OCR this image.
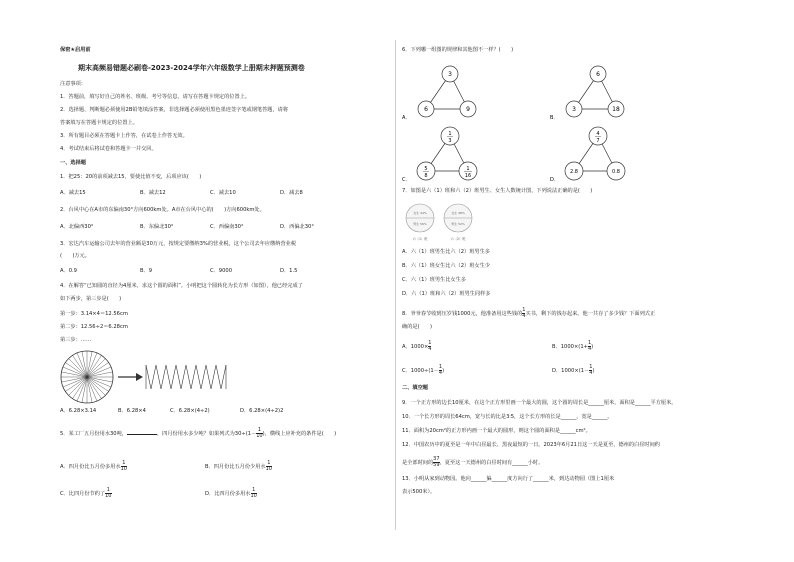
保密★启用前
期末高频易错题必刷卷-2023-2024学年六年级数学上册期末押题预测卷
注意事项：
1．答题前，填写好自己的姓名、班级、考号等信息，请写在答题卡规定的位置上。
2．选择题、判断题必须使用2B铅笔填涂答案，非选择题必须使用黑色墨迹签字笔或钢笔答题，请将
答案填写在答题卡规定的位置上。
3．所有题目必须在答题卡上作答，在试卷上作答无效。
4．考试结束后将试卷和答题卡一并交回。
一、选择题
1．把25：20的前项减去15，要使比值不变，后项应该(　　)
A．减去15	B．减去12	C．减去10	D．减去8
2．台风中心在A市的东偏南30°方向600km处。A市在台风中心的(　　)方向600km处。
A．北偏西30°	B．东偏北30°	C．西偏南30°	D．西偏北30°
3．宏达汽车运输公司去年的营业额是30万元，按规定要缴纳3%的营业税，这个公司去年应缴纳营业税
(　　)万元。
A．0.9	B．9	C．9000	D．1.5
4．在解答“已知圆的直径为4厘米，求这个圆的面积”。小明把这个圆转化为长方形（如图），他已经完成了
如下两步，第三步是(　　)
第一步：3.14×4＝12.56cm
第二步：12.56÷2＝6.28cm
第三步：……
A．6.28×3.14	B．6.28×4	C．6.28×(4÷2)	D．6.28×(4÷2)2
5．某工厂五月份用水30吨，	，四月份用水多少吨？如果列式为$30\div(1- \frac{1}{10}$ )，横线上应补充的条件是(　　)
A．四月份比五月份多用水 $\frac{1}{10}$	B．四月份比五月份少用水 $\frac{1}{10}$
C．比四月份节约了 $\frac{1}{10}$	D．比四月份多用水 $\frac{1}{10}$
6．下列哪一组图的规律和其他图不一样？(　　)
3
6	9
A．
6
3	18
B．
1
3
5
8
1
16
C．
4
7
2.8	0.8
D．
7．如图是六（1）班和六（2）班男生、女生人数统计图，下列说法正确的是(　　)
女生 44%
男生 56%
六（1）班
女生 48%
男生 52%
六（2）班
A．六（1）班男生比六（2）班男生多
B．六（1）班女生比六（2）班女生少
C．六（1）班男生比女生多
D．六（1）班和六（2）班男生同样多
8．爷爷春节收到压岁钱1000元，他准备用这些钱的 $\frac{1}{4}$ 买书，剩下的钱存起来。他一共存了多少钱？下面列式正
确的是(　　)
A．$1000\times \frac{1}{4}$	B．$1000\times(1+ \frac{1}{4}$ )
C．$1000\div(1- \frac{1}{4}$ )	D．$1000\times(1- \frac{1}{4}$ )
二、填空题
9．一个正方形的边长10厘米，在这个正方形里画一个最大的圆，这个圆的周长是______厘米，面积是______平方厘米。
10．一个长方形的周长64cm，宽与长的比是3∶5，这个长方形的长是______，宽是______。
11．面积为20cm²的正方形内画一个最大的圆形，则这个圆的面积是______cm²。
12．中国农历中的夏至是一年中白昼最长、黑夜最短的一日。2023年6月21日这一天是夏至，德州的白昼时间约
是全部时间的 $\frac{37}{59}$ ，夏至这一天德州的白昼时间有______小时。
13．小明从家到动物园。他向______偏______度方向行了______米，到达动物园（图上1厘米
表示500米）。
